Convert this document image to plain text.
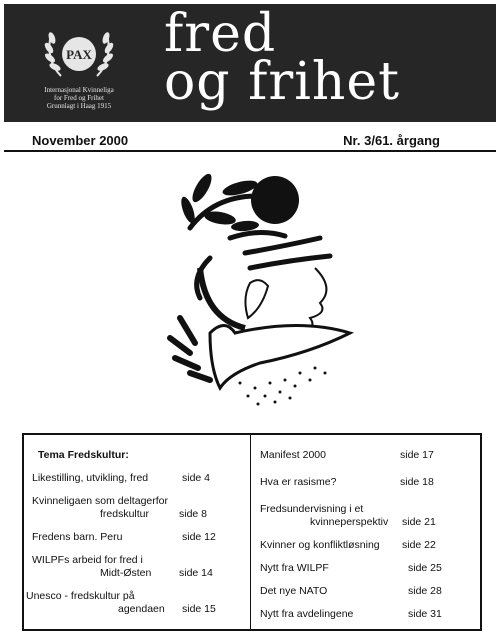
PAX
Internasjonal Kvinneliga
for Fred og Frihet
Grunnlagt i Haag 1915
fred
og frihet
November 2000	Nr. 3/61. årgang
Tema Fredskultur:
Likestilling, utvikling, fred	side 4
Kvinneligaen som deltagerfor
fredskultur	side 8
Fredens barn. Peru	side 12
WILPFs arbeid for fred i
Midt-Østen	side 14
Unesco - fredskultur på
agendaen	side 15
Manifest 2000	side 17
Hva er rasisme?	side 18
Fredsundervisning i et
kvinneperspektiv	side 21
Kvinner og konfliktløsning side 22
Nytt fra WILPF	side 25
Det nye NATO	side 28
Nytt fra avdelingene	side 31
